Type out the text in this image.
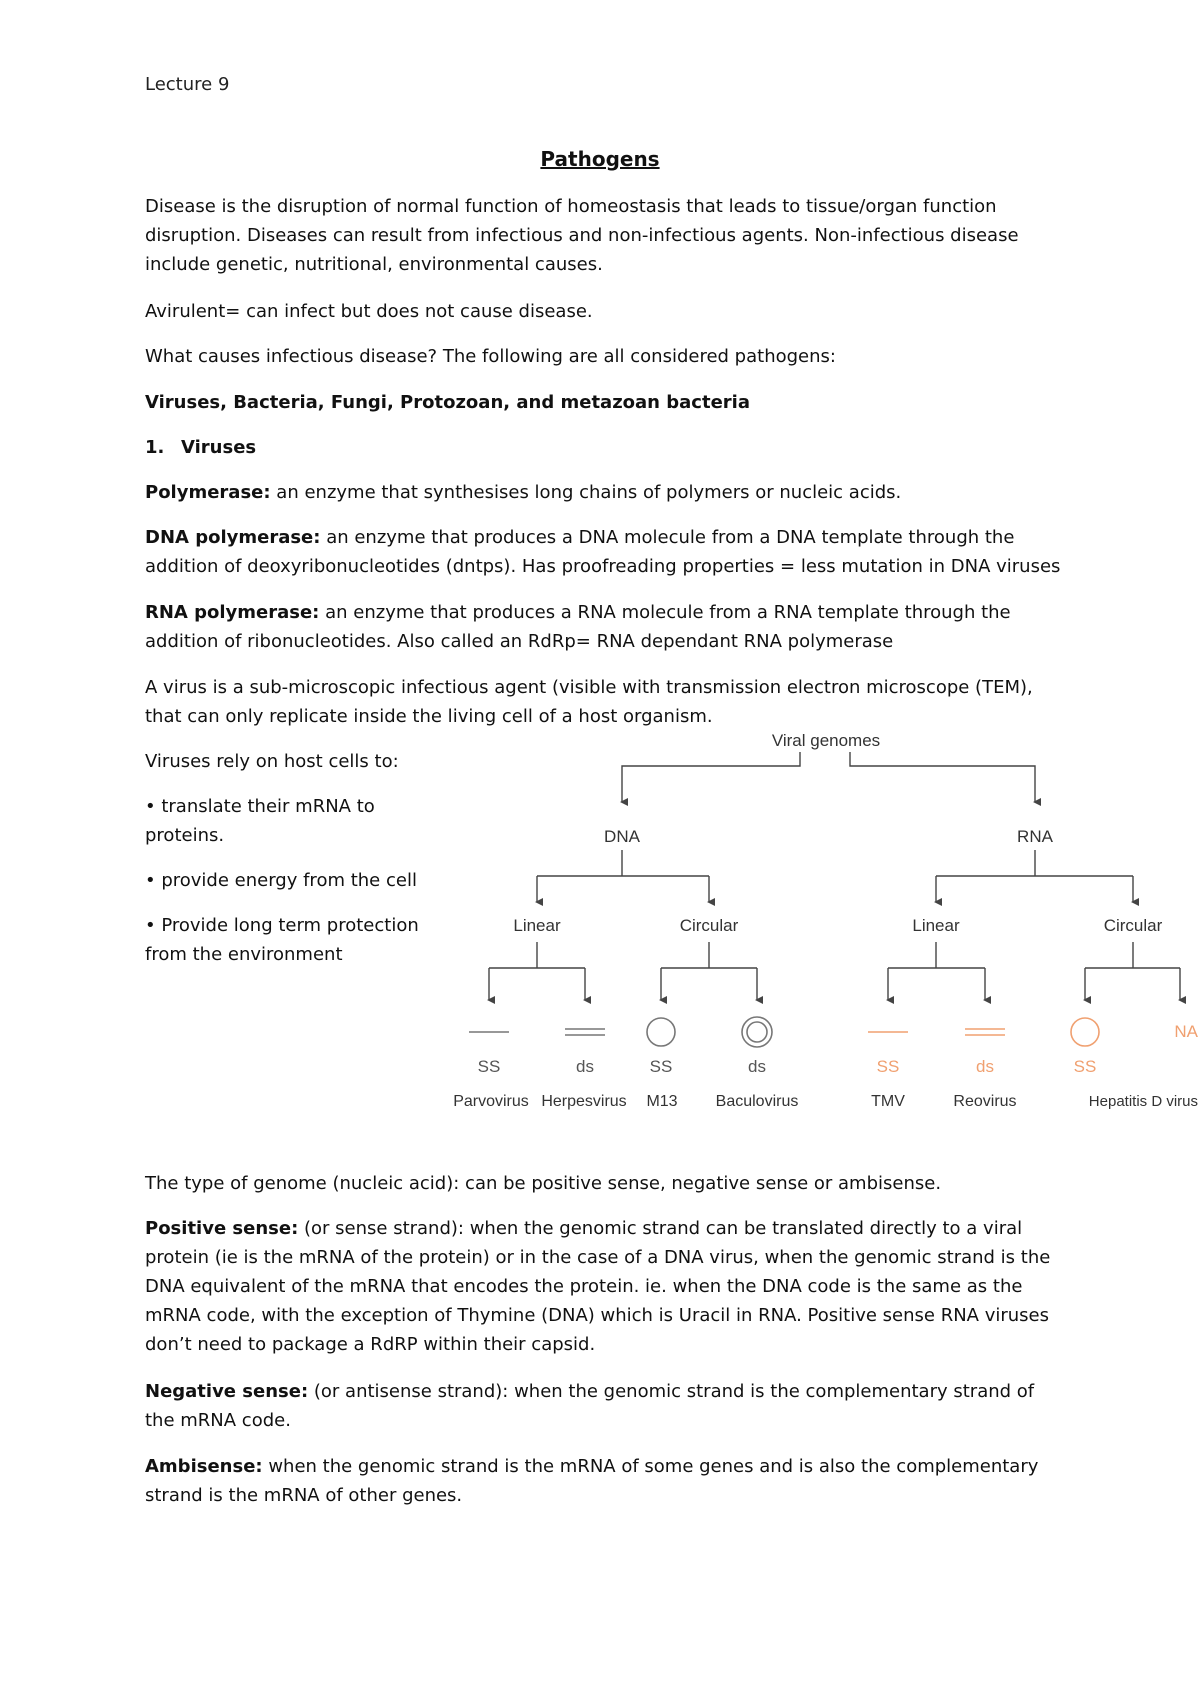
Lecture 9
Pathogens
Disease is the disruption of normal function of homeostasis that leads to tissue/organ function disruption. Diseases can result from infectious and non-infectious agents. Non-infectious disease include genetic, nutritional, environmental causes.
Avirulent= can infect but does not cause disease.
What causes infectious disease? The following are all considered pathogens:
Viruses, Bacteria, Fungi, Protozoan, and metazoan bacteria
1. Viruses
Polymerase: an enzyme that synthesises long chains of polymers or nucleic acids.
DNA polymerase: an enzyme that produces a DNA molecule from a DNA template through the addition of deoxyribonucleotides (dntps). Has proofreading properties = less mutation in DNA viruses
RNA polymerase: an enzyme that produces a RNA molecule from a RNA template through the addition of ribonucleotides. Also called an RdRp= RNA dependant RNA polymerase
A virus is a sub-microscopic infectious agent (visible with transmission electron microscope (TEM), that can only replicate inside the living cell of a host organism.
Viruses rely on host cells to:
• translate their mRNA to proteins.
• provide energy from the cell
• Provide long term protection from the environment
Viral genomes
DNA	RNA
Linear	Circular	Linear	Circular
NA
SS	ds	SS	ds	SS	ds	SS
Parvovirus Herpesvirus M13 Baculovirus	TMV	Reovirus	Hepatitis D virus
The type of genome (nucleic acid): can be positive sense, negative sense or ambisense.
Positive sense: (or sense strand): when the genomic strand can be translated directly to a viral protein (ie is the mRNA of the protein) or in the case of a DNA virus, when the genomic strand is the DNA equivalent of the mRNA that encodes the protein. ie. when the DNA code is the same as the mRNA code, with the exception of Thymine (DNA) which is Uracil in RNA. Positive sense RNA viruses don’t need to package a RdRP within their capsid.
Negative sense: (or antisense strand): when the genomic strand is the complementary strand of the mRNA code.
Ambisense: when the genomic strand is the mRNA of some genes and is also the complementary strand is the mRNA of other genes.
